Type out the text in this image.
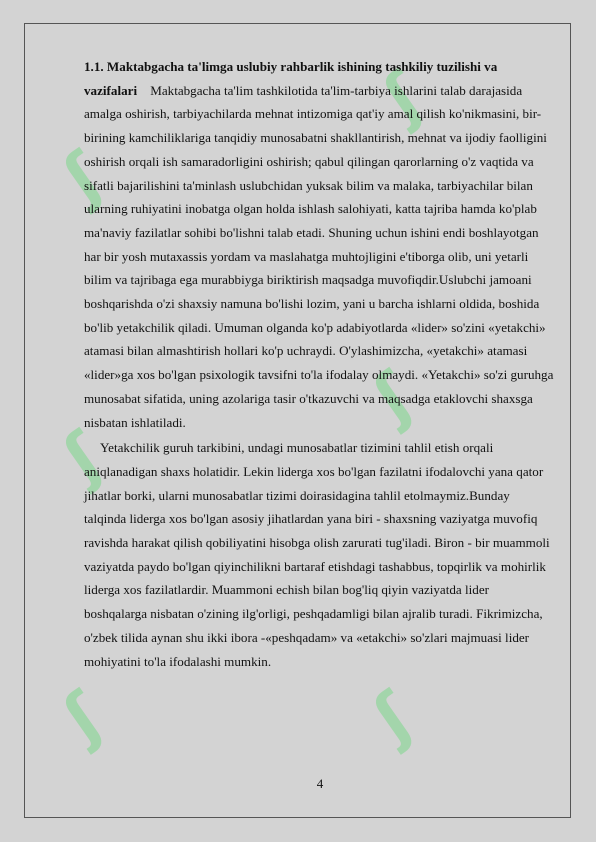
ʃ
ʃ
ʃ
ʃ
ʃ	ʃ

1.1. Maktabgacha ta'limga uslubiy rahbarlik ishining tashkiliy tuzilishi va vazifalari Maktabgacha ta'lim tashkilotida ta'lim-tarbiya ishlarini talab darajasida amalga oshirish, tarbiyachilarda mehnat intizomiga qat'iy amal qilish ko'nikmasini, bir-birining kamchiliklariga tanqidiy munosabatni shakllantirish, mehnat va ijodiy faolligini oshirish orqali ish samaradorligini oshirish; qabul qilingan qarorlarning o'z vaqtida va sifatli bajarilishini ta'minlash uslubchidan yuksak bilim va malaka, tarbiyachilar bilan ularning ruhiyatini inobatga olgan holda ishlash salohiyati, katta tajriba hamda ko'plab ma'naviy fazilatlar sohibi bo'lishni talab etadi. Shuning uchun ishini endi boshlayotgan har bir yosh mutaxassis yordam va maslahatga muhtojligini e'tiborga olib, uni yetarli bilim va tajribaga ega murabbiyga biriktirish maqsadga muvofiqdir.Uslubchi jamoani boshqarishda o'zi shaxsiy namuna bo'lishi lozim, yani u barcha ishlarni oldida, boshida bo'lib yetakchilik qiladi. Umuman olganda ko'p adabiyotlarda «lider» so'zini «yetakchi» atamasi bilan almashtirish hollari ko'p uchraydi. O'ylashimizcha, «yetakchi» atamasi «lider»ga xos bo'lgan psixologik tavsifni to'la ifodalay olmaydi. «Yetakchi» so'zi guruhga munosabat sifatida, uning azolariga tasir o'tkazuvchi va maqsadga etaklovchi shaxsga nisbatan ishlatiladi.

Yetakchilik guruh tarkibini, undagi munosabatlar tizimini tahlil etish orqali aniqlanadigan shaxs holatidir. Lekin liderga xos bo'lgan fazilatni ifodalovchi yana qator jihatlar borki, ularni munosabatlar tizimi doirasidagina tahlil etolmaymiz.Bunday talqinda liderga xos bo'lgan asosiy jihatlardan yana biri - shaxsning vaziyatga muvofiq ravishda harakat qilish qobiliyatini hisobga olish zarurati tug'iladi. Biron - bir muammoli vaziyatda paydo bo'lgan qiyinchilikni bartaraf etishdagi tashabbus, topqirlik va mohirlik liderga xos fazilatlardir. Muammoni echish bilan bog'liq qiyin vaziyatda lider boshqalarga nisbatan o'zining ilg'orligi, peshqadamligi bilan ajralib turadi. Fikrimizcha, o'zbek tilida aynan shu ikki ibora -«peshqadam» va «etakchi» so'zlari majmuasi lider mohiyatini to'la ifodalashi mumkin.

4
